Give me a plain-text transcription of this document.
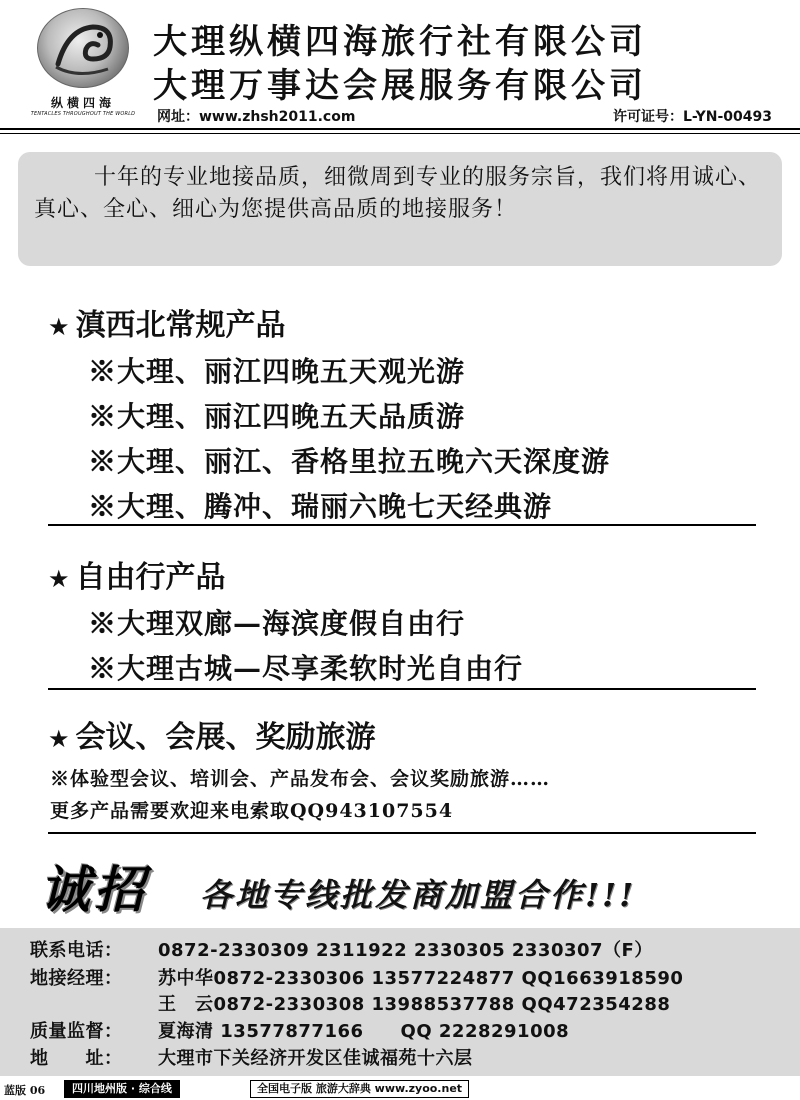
纵横四海
TENTACLES THROUGHOUT THE WORLD
大理纵横四海旅行社有限公司
大理万事达会展服务有限公司
网址：www.zhsh2011.com	许可证号：L-YN-00493

十年的专业地接品质，细微周到专业的服务宗旨，我们将用诚心、真心、全心、细心为您提供高品质的地接服务！

★ 滇西北常规产品
※大理、丽江四晚五天观光游
※大理、丽江四晚五天品质游
※大理、丽江、香格里拉五晚六天深度游
※大理、腾冲、瑞丽六晚七天经典游
★ 自由行产品
※大理双廊—海滨度假自由行
※大理古城—尽享柔软时光自由行
★ 会议、会展、奖励旅游
※体验型会议、培训会、产品发布会、会议奖励旅游……
更多产品需要欢迎来电索取QQ943107554
诚招 各地专线批发商加盟合作!!!
联系电话： 0872-2330309 2311922 2330305 2330307（F）
地接经理： 苏中华0872-2330306 13577224877 QQ1663918590
王　云0872-2330308 13988537788 QQ472354288
质量监督： 夏海清 13577877166　　QQ 2228291008
地　　址： 大理市下关经济开发区佳诚福苑十六层
蓝版 06	四川地州版 · 综合线	全国电子版 旅游大辞典 www.zyoo.net
